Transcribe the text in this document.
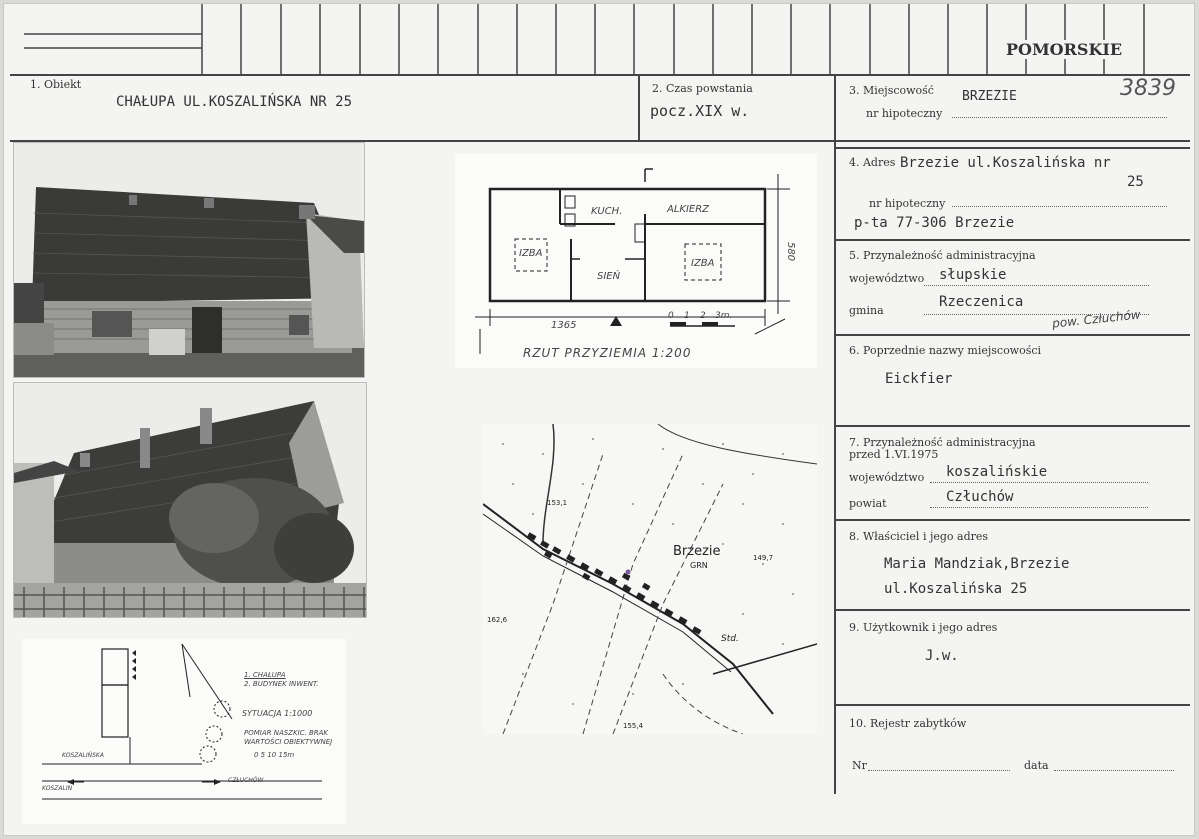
POMORSKIE
1. Obiekt
CHAŁUPA UL.KOSZALIŃSKA NR 25
2. Czas powstania
pocz.XIX w.
3. Miejscowość BRZEZIE	3839
nr hipoteczny
4. Adres Brzezie ul.Koszalińska nr
25
nr hipoteczny
p-ta 77-306 Brzezie
5. Przynależność administracyjna
województwo słupskie
gmina
Rzeczenica
pow. Człuchów
6. Poprzednie nazwy miejscowości
Eickfier
7. Przynależność administracyjna
przed 1.VI.1975
województwo koszalińskie
powiat	Człuchów
8. Właściciel i jego adres
Maria Mandziak,Brzezie
ul.Koszalińska 25
9. Użytkownik i jego adres
J.w.
10. Rejestr zabytków
Nr	data
KUCH.	ALKIERZ
IZBA
SIEŃ
IZBA
1365
580
0 1 2 3m.
RZUT PRZYZIEMIA 1:200
Brzezie
GRN
149,7
153,1
162,6
155,4
Std.
1. CHAŁUPA
2. BUDYNEK INWENT.
SYTUACJA 1:1000
POMIAR NASZKIC. BRAK
WARTOŚCI OBIEKTYWNEJ
0 5 10 15m
KOSZALIŃSKA
KOSZALIN
CZŁUCHÓW
